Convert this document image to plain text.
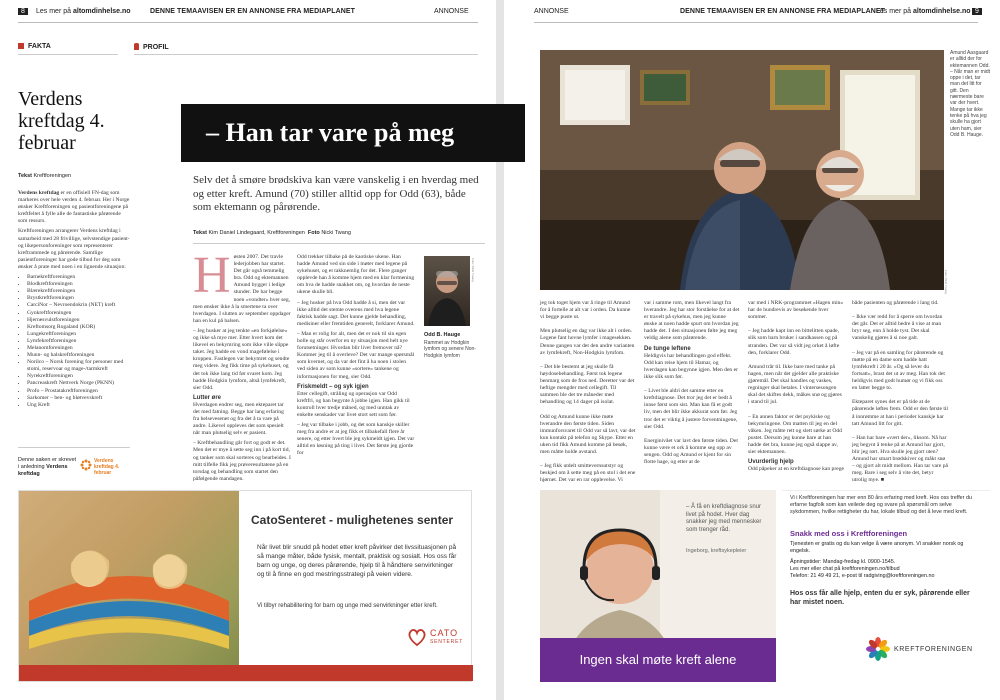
8	Les mer på altomdinhelse.no	DENNE TEMAAVISEN ER EN ANNONSE FRA MEDIAPLANET	ANNONSE
FAKTA	PROFIL
Verdens kreftdag 4. februar
Tekst Kreftforeningen

Verdens kreftdag er en offisiell FN-dag som markeres over hele verden 4. februar. Her i Norge ønsker Kreftforeningen og pasientforeningene på kreftfeltet å fylle alle de fantastiske pårørende som ressurs.

Kreftforeningen arrangerer Verdens kreftdag i samarbeid med 28 frivillige, selvstendige pasient- og likepersonforeninger som representerer kreftrammede og pårørende. Samtlige pasientforeninger har gode tilbud for deg som ønsker å prate med noen i en lignende situasjon:

• Barnekreftforeningen
• Blodkreftforeningen
• Blærekreftforeningen
• Brystkreftforeningen
• CarciNor – Nevroendokrin (NET) kreft
• Gynkreftforeningen
• Hjernesvulstforeningen
• Kreftomsorg Rogaland (KOR)
• Lungekreftforeningen
• Lymfekreftforeningen
• Melanomforeningen
• Munn- og halskreftforeningen
• Norilco – Norsk forening for personer med stomi, reservoar og mage-/tarmkreft
• Nyrekreftforeningen
• Pancreaskreft Nettverk Norge (PKNN)
• Profo – Prostatakreftforeningen
• Sarkomer – ben- og bløtvevskreft
• Ung Kreft
Denne saken er skrevet i anledning Verdens kreftdag
Verdens kreftdag 4. februar
– Han tar vare på meg
Selv det å smøre brødskiva kan være vanskelig i en hverdag med og etter kreft. Amund (70) stiller alltid opp for Odd (63), både som ektemann og pårørende.
Tekst Kim Daniel Lindegaard, Kreftforeningen Foto Nicki Twang

Høsten 2007. Det travle lederjobben har startet. Det går også temmelig bra. Odd og ektemannen Amund bygger i ledige stunder. De har begge noen «vondter» hver seg, men ønsker ikke å la smertene ta over hverdagen. I slutten av september oppdager han en kul på halsen.

– Jeg husker at jeg tenkte «en forkjølelse» og ikke så mye mer. Etter hvert kom det likevel en bekymring som ikke ville slippe taket. Jeg hadde en vond magefølelse i kroppen. Fastlegen var bekymret og sendte meg videre. Jeg fikk time på sykehuset, og det tok ikke lang tid før svaret kom. Jeg hadde Hodgkin lymfom, altså lymfekreft, sier Odd.

Lutter øre

Hverdagen endrer seg, men ekteparet tar det med fatning. Begge har lang erfaring fra helsevesenet og fra det å ta vare på andre. Likevel oppleves det som spesielt når man plutselig selv er pasient.

– Kreftbehandling går fort og godt er det. Men det er mye å sette seg inn i på kort tid, og tanker som skal sorteres og bearbeides. I mitt tilfelle fikk jeg prøveresultatene på en torsdag og behandling som startet den påfølgende mandagen.

Odd trekker tilbake på de kaotiske ukene. Han hadde Amund ved sin side i møter med legene på sykehuset, og et takknemlig for det. Flere ganger opplevde han å komme hjem med en klar formening om hva de hadde snakket om, og hvordan de neste ukene skulle bli.

– Jeg husker på hva Odd hadde å si, men det var ikke alltid det stemte overens med hva legene faktisk hadde sagt. Det kunne gjelde behandling, medisiner eller fremtiden generelt, forklarer Amund.

– Man er rolig for alt, men det er nok til sin egen bolle og står overfor en ny situasjon med helt nye forutsetninger. Hvordan blir livet fremover nå? Kommer jeg til å overleve? Det var mange spørsmål som kvernet, og da var det fint å ha noen i stolen ved siden av som kunne «sortere» tankene og informasjonen for meg, sier Odd.

Friskmeldt – og syk igjen

Etter cellegift, stråling og operasjon var Odd kreftfri, og han begynte å jobbe igjen. Han gikk til kontroll hver tredje måned, og med unntak av enkelte senskader var livet stort sett som før.

– Jeg var tilbake i jobb, og det som kanskje skiller meg fra andre er at jeg fikk et tilbakefall flere år senere, og etter hvert ble jeg sykmeldt igjen. Det var alltid en løsning på ting i livet. Det første jeg gjorde for

Foto: Nicki Twang
Odd B. Hauge
Rammet av Hodgkin lymfom og senere Non-Hodgkin lymfom
CatoSenteret - mulighetenes senter
Når livet blir snudd på hodet etter kreft påvirker det livssituasjonen på så mange måter, både fysisk, mentalt, praktisk og sosialt. Hos oss får barn og unge, og deres pårørende, hjelp til å håndtere senvirkninger og til å finne en god mestringsstrategi på veien videre.
Vi tilbyr rehabilitering for barn og unge med senvirkninger etter kreft.
CATO
SENTERET
ANNONSE	DENNE TEMAAVISEN ER EN ANNONSE FRA MEDIAPLANET
Les mer på altomdinhelse.no 9
Foto: Nicki Twang
Amund Aasgaard er alltid der for ektemannen Odd. – Når man er midt oppe i det, tar man det litt for gitt. Den nærmeste bare var der hvert. Mange tar ikke tenke på hva jeg skulle ha gjort uten ham, sier Odd B. Hauge.
jeg tok toget hjem var å ringe til Amund for å fortelle at alt var i orden. Da kunne vi begge puste ut.

Men plutselig en dag var ikke alt i orden. Legene fant hovne lymfer i magesekken. Denne gangen var det den andre varianten av lymfekreft, Non-Hodgkin lymfom.

– Det ble bestemt at jeg skulle få høydosebehandling. Først tok legene benmarg som de fros ned. Deretter var det heftige mengder med cellegift. Til sammen ble det tre måneder med behandling og 14 dager på isolat.

Odd og Amund kunne ikke møte hverandre den første tiden. Siden immunforsvaret til Odd var så lavt, var det kun kontakt på telefon og Skype. Etter en uken tid fikk Amund komme på besøk, men måtte holde avstand.

– Jeg fikk utdelt smittevernsutstyr og beskjed om å sette meg på en stol i det ene hjørnet. Det var en rar opplevelse. Vi

var i samme rom, men likevel langt fra hverandre. Jeg har stor forståelse for at det er travelt på sykehus, men jeg kunne ønske at noen hadde spurt om hvordan jeg hadde det. I den situasjonen følte jeg meg veldig alene som pårørende.

De tunge leftene

Heldigvis har behandlingen god effekt. Odd kan reise hjem til Hamar, og hverdagen kan begynne igjen. Men den er ikke slik som før.

– Livet ble aldri det samme etter en kreftdiagnose. Det tror jeg det er bedt å innse først som sist. Man kan få et godt liv, men det blir ikke akkurat som før. Jeg tror det er viktig å justere forventningene, sier Odd.

Energinivået var lavt den første tiden. Det kunne være et ork å komme seg opp av sengen. Odd og Amund er kjent for sin flotte hage, og etter at de

var med i NRK-programmet «Hagen min» har de hundrevis av besøkende hver sommer.

– Jeg hadde kapt inn en bittelitten spade, slik som barn bruker i sandkassen og på stranden. Det var så vidt jeg orket å løfte den, forklarer Odd.

Amund trår til. Ikke bare med tanke på hagen, men når det gjelder alle praktiske gjøremål. Det skal handles og vaskes, regninger skal betales. I vintersesongen skal det skiftes dekk, måkes snø og gjøres i stand til jul.

– En annen faktor er det psykiske og bekymringene. Om matten til jeg en del våken. Jeg måtte rett og slett sørke at Odd pustet. Dersom jeg kunne bare at han hadde det bra, kunne jeg også slappe av, sier ektemannen.

Uvurderlig hjelp

Odd påpeker at en kreftdiagnose kan prege

både pasienten og pårørende i lang tid.

– Ikke vær redd for å sperre om hvordan det går. Det er alltid bedre å vise at man bryr seg, enn å holde tyst. Det skal vanskelig gjøres å si noe galt.

– Jeg var på en samling for pårørende og møtte på en dame som hadde hatt lymfekreft i 20 år. «Og så lever du fortsatt», brast det ut av meg. Han tok det heldigvis med godt humør og vi fikk oss en latter begge to.

Ekteparet synes det er på tide at de pårørende løftes frem. Odd er den første til å innrømme at han i perioder kanskje har tatt Amund litt for gitt.

– Han har bare «vært der», liksom. Nå har jeg begynt å tenke på at Amund har gjort, blir jeg rørt. Hva skulle jeg gjort uten? Amund har smart brødskiver og måkt snø – og gjort alt midt mellom. Han tar vare på meg. Bare i seg selv å vite det, betyr utrolig mye. ■
– Å få en kreftdiagnose snur livet på hodet. Hver dag snakker jeg med mennesker som trenger råd.
Ingeborg, kreftsykepleier
Ingen skal møte kreft alene
Vi i Kreftforeningen har mer enn 80 års erfaring med kreft. Hos oss treffer du erfarne fagfolk som kan veilede deg og svare på spørsmål om selve sykdommen, hvilke rettigheter du har, lokale tilbud og det å leve med kreft.
Snakk med oss i Kreftforeningen
Tjenesten er gratis og du kan velge å være anonym. Vi snakker norsk og engelsk.
Åpningstider: Mandag-fredag kl. 0900-1545.
Les mer eller chat på kreftforeningen.no/tilbud
Telefon: 21 49 49 21, e-post til radgiving@kreftforeningen.no
Hos oss får alle hjelp, enten du er syk, pårørende eller har mistet noen.
KREFTFORENINGEN
